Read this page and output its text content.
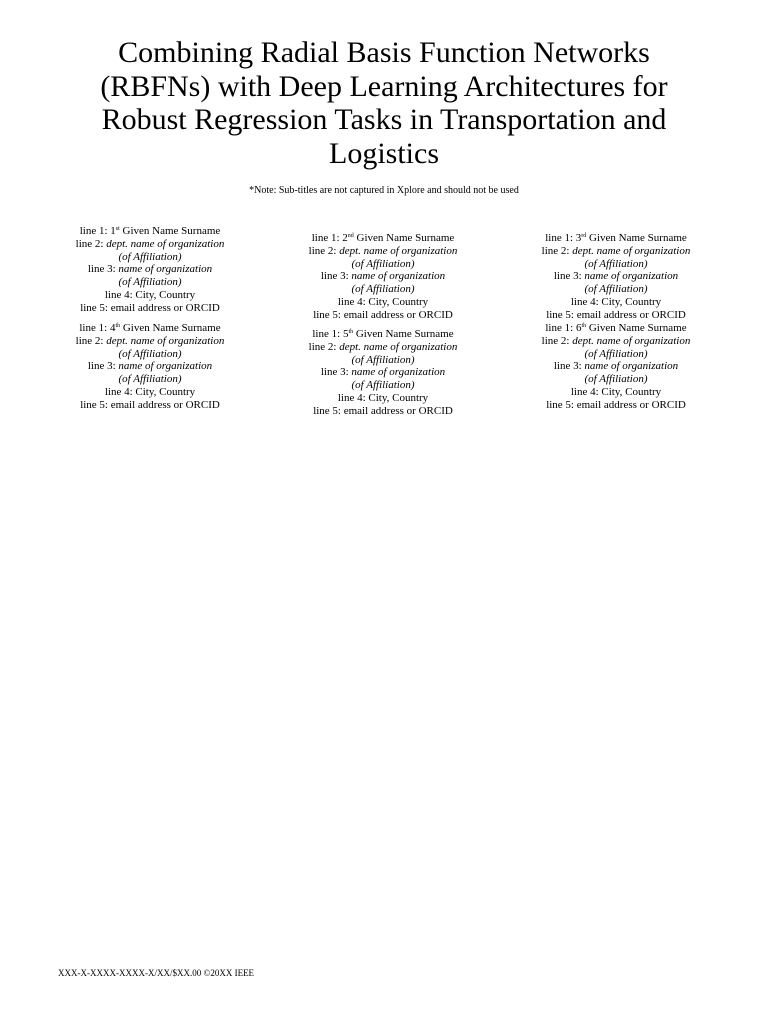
Combining Radial Basis Function Networks
(RBFNs) with Deep Learning Architectures for
Robust Regression Tasks in Transportation and
Logistics
*Note: Sub-titles are not captured in Xplore and should not be used
line 1: 1st Given Name Surname
line 2: dept. name of organization
(of Affiliation)
line 3: name of organization
(of Affiliation)
line 4: City, Country
line 5: email address or ORCID
line 1: 2nd Given Name Surname
line 2: dept. name of organization
(of Affiliation)
line 3: name of organization
(of Affiliation)
line 4: City, Country
line 5: email address or ORCID
line 1: 3rd Given Name Surname
line 2: dept. name of organization
(of Affiliation)
line 3: name of organization
(of Affiliation)
line 4: City, Country
line 5: email address or ORCID
line 1: 4th Given Name Surname
line 2: dept. name of organization
(of Affiliation)
line 3: name of organization
(of Affiliation)
line 4: City, Country
line 5: email address or ORCID
line 1: 5th Given Name Surname
line 2: dept. name of organization
(of Affiliation)
line 3: name of organization
(of Affiliation)
line 4: City, Country
line 5: email address or ORCID
line 1: 6th Given Name Surname
line 2: dept. name of organization
(of Affiliation)
line 3: name of organization
(of Affiliation)
line 4: City, Country
line 5: email address or ORCID
XXX-X-XXXX-XXXX-X/XX/$XX.00 ©20XX IEEE
